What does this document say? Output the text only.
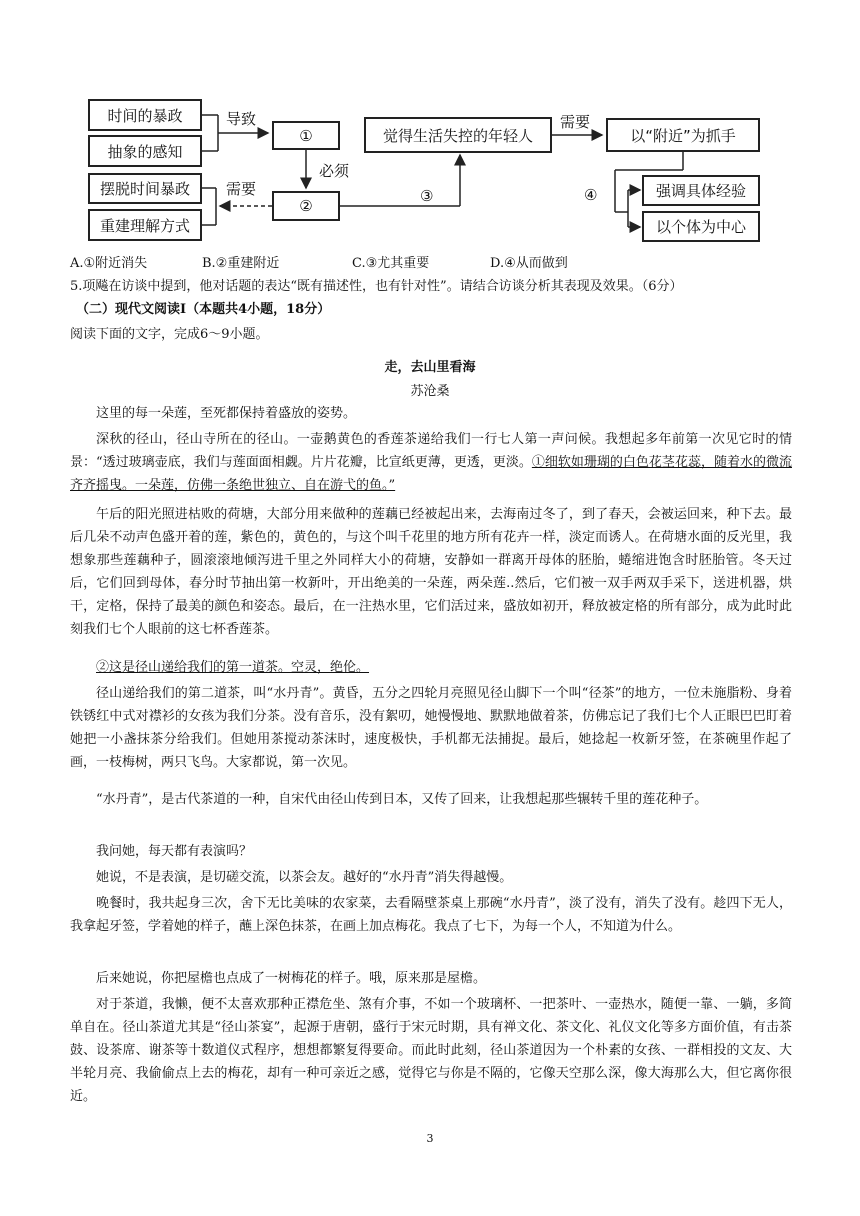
时间的暴政
抽象的感知
摆脱时间暴政
重建理解方式
①
②
觉得生活失控的年轻人	以“附近”为抓手
强调具体经验
以个体为中心
导致
必须
需要
需要
③	④
A.①附近消失	B.②重建附近	C.③尤其重要	D.④从而做到
5.项飚在访谈中提到，他对话题的表达“既有描述性，也有针对性”。请结合访谈分析其表现及效果。（6分）
（二）现代文阅读Ⅰ（本题共4小题，18分）
阅读下面的文字，完成6～9小题。
走，去山里看海
苏沧桑
这里的每一朵莲，至死都保持着盛放的姿势。
深秋的径山，径山寺所在的径山。一壶鹅黄色的香莲茶递给我们一行七人第一声问候。我想起多年前第一次见它时的情景：“透过玻璃壶底，我们与莲面面相觑。片片花瓣，比宣纸更薄，更透，更淡。①细软如珊瑚的白色花茎花蕊，随着水的微流齐齐摇曳。一朵莲，仿佛一条绝世独立、自在游弋的鱼。”
午后的阳光照进枯败的荷塘，大部分用来做种的莲藕已经被起出来，去海南过冬了，到了春天，会被运回来，种下去。最后几朵不动声色盛开着的莲，紫色的，黄色的，与这个叫千花里的地方所有花卉一样，淡定而诱人。在荷塘水面的反光里，我想象那些莲藕种子，圆滚滚地倾泻进千里之外同样大小的荷塘，安静如一群离开母体的胚胎，蜷缩进饱含时胚胎管。冬天过后，它们回到母体，春分时节抽出第一枚新叶，开出绝美的一朵莲，两朵莲..然后，它们被一双手两双手采下，送进机器，烘干，定格，保持了最美的颜色和姿态。最后，在一注热水里，它们活过来，盛放如初开，释放被定格的所有部分，成为此时此刻我们七个人眼前的这七杯香莲茶。
②这是径山递给我们的第一道茶。空灵，绝伦。
径山递给我们的第二道茶，叫“水丹青”。黄昏，五分之四轮月亮照见径山脚下一个叫“径茶”的地方，一位未施脂粉、身着铁锈红中式对襟衫的女孩为我们分茶。没有音乐，没有絮叨，她慢慢地、默默地做着茶，仿佛忘记了我们七个人正眼巴巴盯着她把一小盏抹茶分给我们。但她用茶搅动茶沫时，速度极快，手机都无法捕捉。最后，她捻起一枚新牙签，在茶碗里作起了画，一枝梅树，两只飞鸟。大家都说，第一次见。
“水丹青”，是古代茶道的一种，自宋代由径山传到日本，又传了回来，让我想起那些辗转千里的莲花种子。
我问她，每天都有表演吗？
她说，不是表演，是切磋交流，以茶会友。越好的“水丹青”消失得越慢。
晚餐时，我共起身三次，舍下无比美味的农家菜，去看隔壁茶桌上那碗“水丹青”，淡了没有，消失了没有。趁四下无人，我拿起牙签，学着她的样子，蘸上深色抹茶，在画上加点梅花。我点了七下，为每一个人，不知道为什么。
后来她说，你把屋檐也点成了一树梅花的样子。哦，原来那是屋檐。
对于茶道，我懒，便不太喜欢那种正襟危坐、煞有介事，不如一个玻璃杯、一把茶叶、一壶热水，随便一靠、一躺，多简单自在。径山茶道尤其是“径山茶宴”，起源于唐朝，盛行于宋元时期，具有禅文化、茶文化、礼仪文化等多方面价值，有击茶鼓、设茶席、谢茶等十数道仪式程序，想想都繁复得要命。而此时此刻，径山茶道因为一个朴素的女孩、一群相投的文友、大半轮月亮、我偷偷点上去的梅花，却有一种可亲近之感，觉得它与你是不隔的，它像天空那么深，像大海那么大，但它离你很近。
3
